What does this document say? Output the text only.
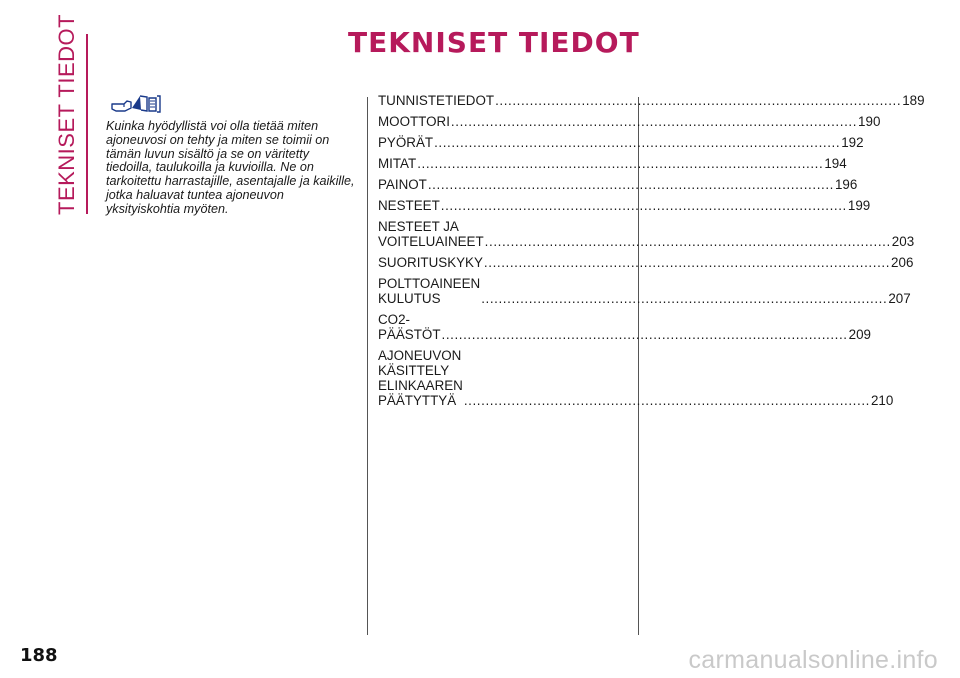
TEKNISET TIEDOT	TEKNISET TIEDOT

Kuinka hyödyllistä voi olla tietää miten ajoneuvosi on tehty ja miten se toimii on tämän luvun sisältö ja se on väritetty tiedoilla, taulukoilla ja kuvioilla. Ne on tarkoitettu harrastajille, asentajalle ja kaikille, jotka haluavat tuntea ajoneuvon yksityiskohtia myöten.

TUNNISTETIEDOT .............................................................................................. 189
MOOTTORI .............................................................................................. 190
PYÖRÄT .............................................................................................. 192
MITAT .............................................................................................. 194
PAINOT .............................................................................................. 196
NESTEET .............................................................................................. 199
NESTEET JA VOITELUAINEET .............................................................................................. 203
SUORITUSKYKY .............................................................................................. 206
POLTTOAINEEN KULUTUS	.............................................................................................. 207
CO2-PÄÄSTÖT .............................................................................................. 209
AJONEUVON KÄSITTELY
ELINKAAREN PÄÄTYTTYÄ .............................................................................................. 210
188	carmanualsonline.info
